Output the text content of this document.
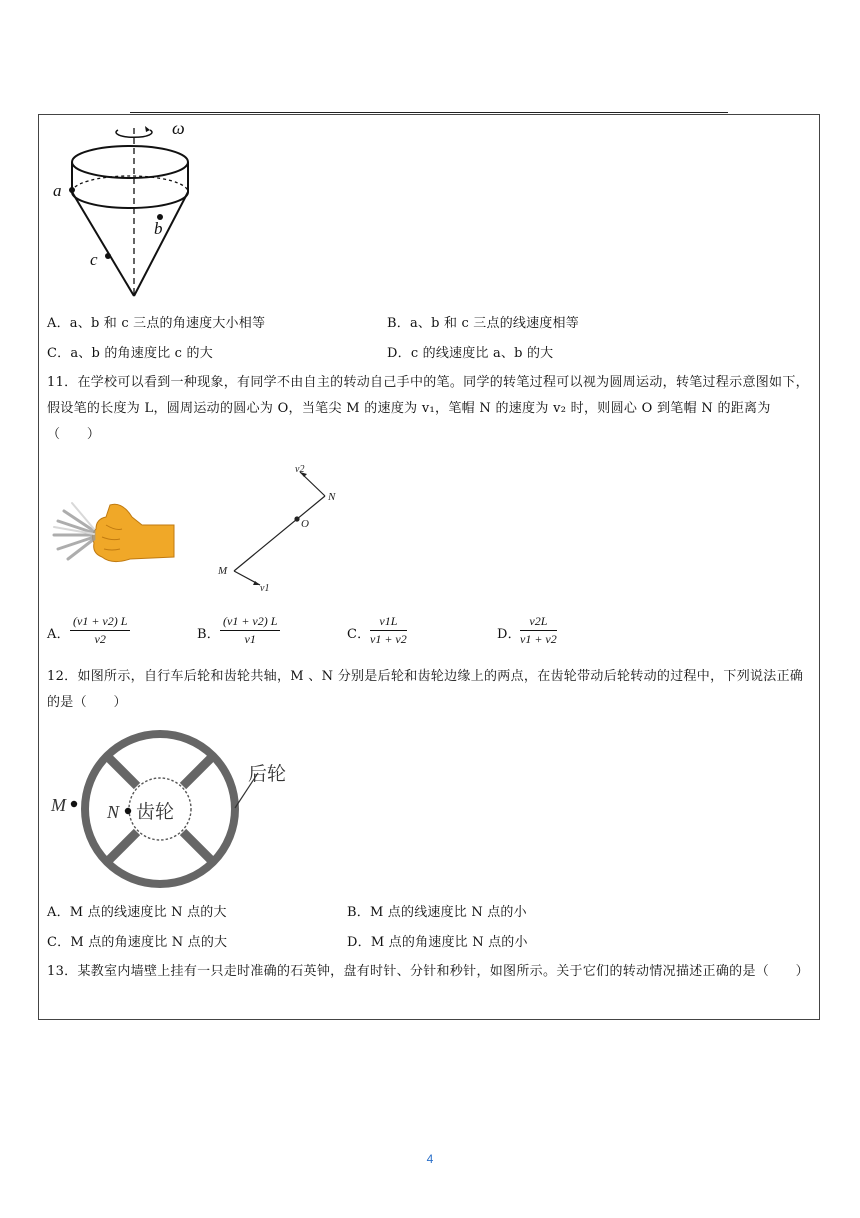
ω
a
b
c
A．a、b 和 c 三点的角速度大小相等	B．a、b 和 c 三点的线速度相等
C．a、b 的角速度比 c 的大	D．c 的线速度比 a、b 的大
11．在学校可以看到一种现象，有同学不由自主的转动自己手中的笔。同学的转笔过程可以视为圆周运动，转笔过程示意图如下，假设笔的长度为 L，圆周运动的圆心为 O，当笔尖 M 的速度为 v₁，笔帽 N 的速度为 v₂ 时，则圆心 O 到笔帽 N 的距离为（　　）
v2
N
O
M
v1
A． $\frac{(v1 + v2) L}{v2}$	B． $\frac{(v1 + v2) L}{v1}$	C． $\frac{v1L}{v1 + v2}$	D． $\frac{v2L}{v1 + v2}$
12．如图所示，自行车后轮和齿轮共轴，M 、N 分别是后轮和齿轮边缘上的两点，在齿轮带动后轮转动的过程中，下列说法正确的是（　　）
M N 齿轮
后轮
A．M 点的线速度比 N 点的大	B．M 点的线速度比 N 点的小
C．M 点的角速度比 N 点的大	D．M 点的角速度比 N 点的小
13．某教室内墙壁上挂有一只走时准确的石英钟，盘有时针、分针和秒针，如图所示。关于它们的转动情况描述正确的是（　　）
4
